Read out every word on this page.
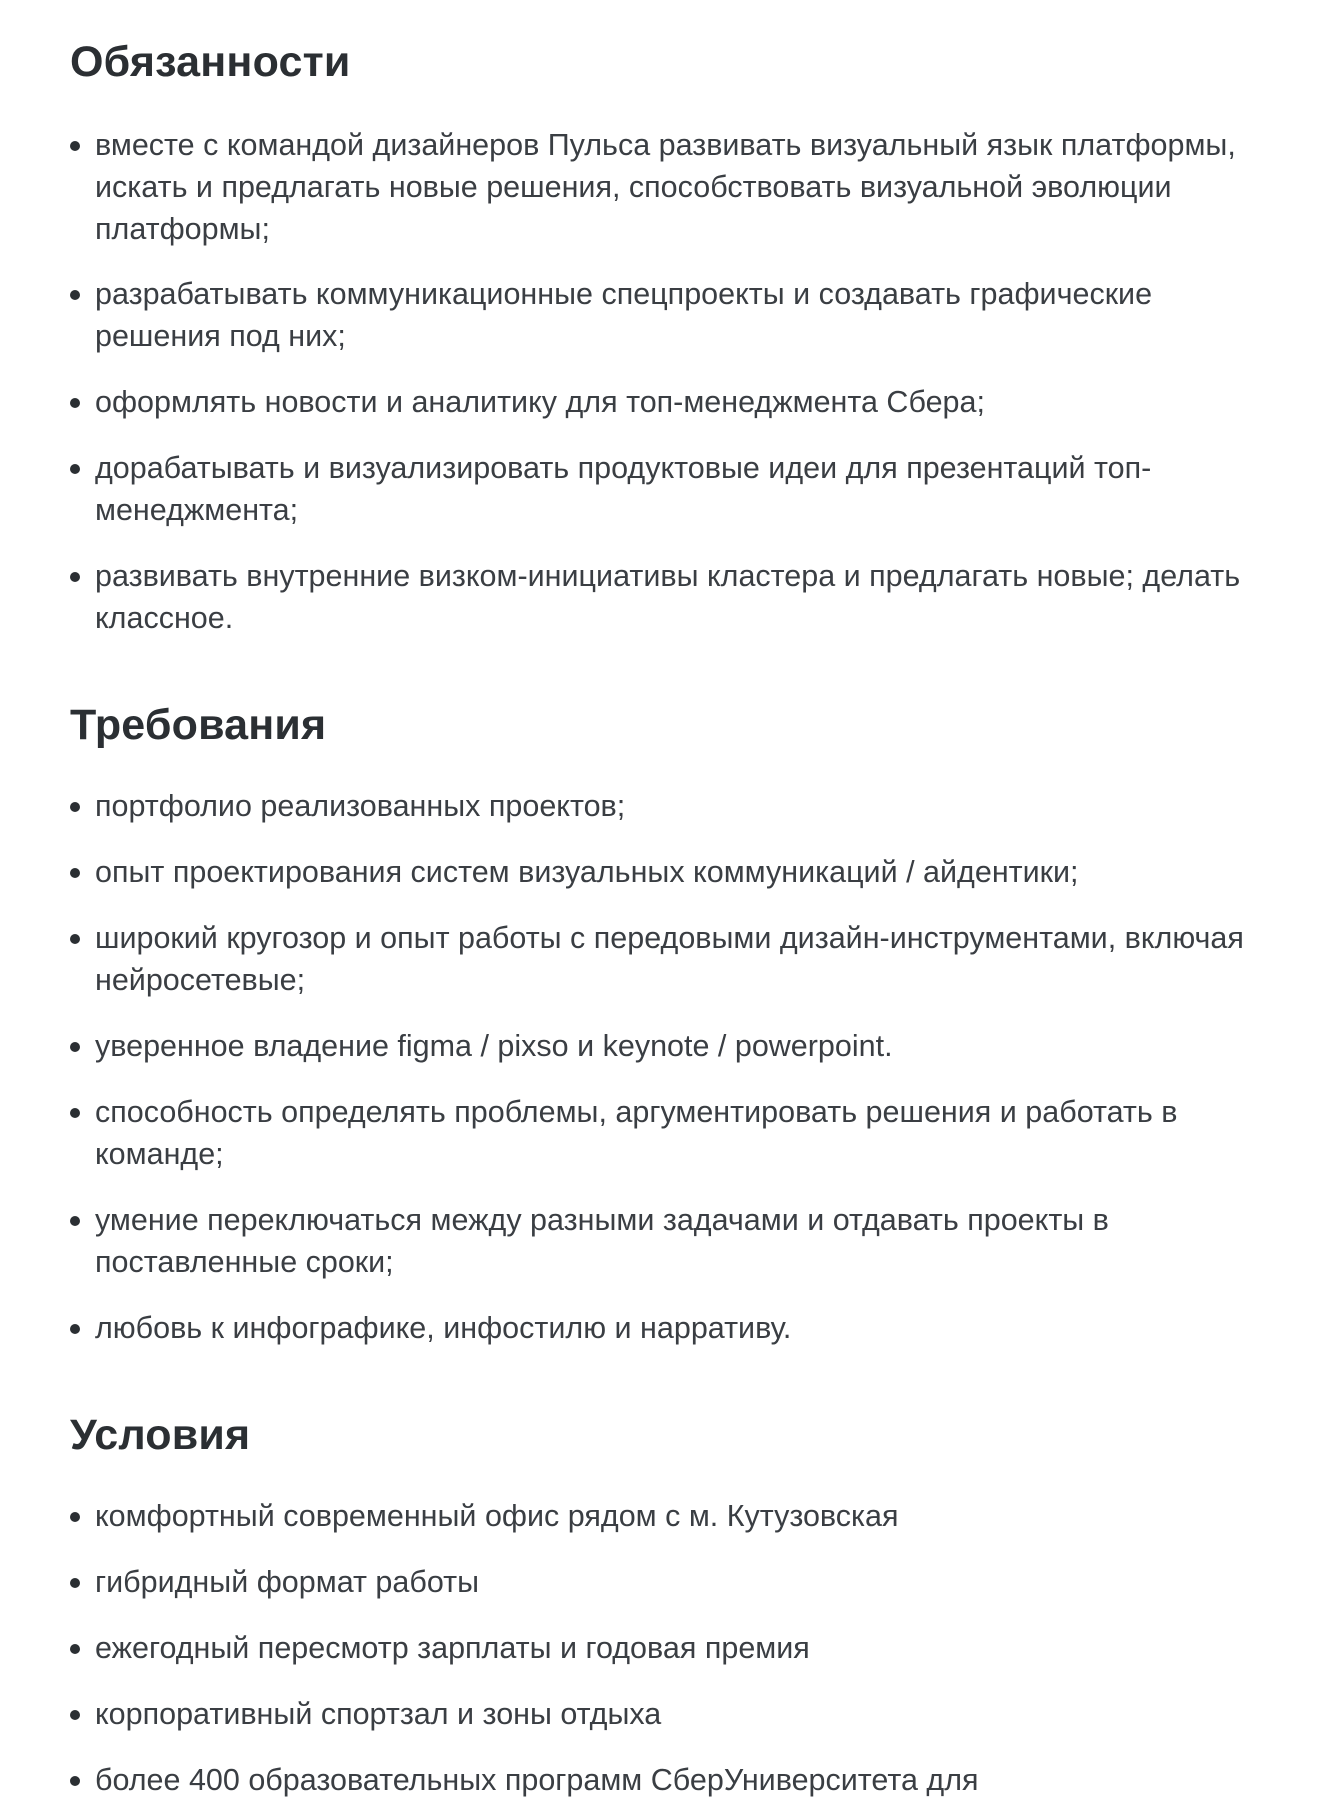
Обязанности
вместе с командой дизайнеров Пульса развивать визуальный язык платформы, искать и предлагать новые решения, способствовать визуальной эволюции платформы;
разрабатывать коммуникационные спецпроекты и создавать графические решения под них;
оформлять новости и аналитику для топ-менеджмента Сбера;
дорабатывать и визуализировать продуктовые идеи для презентаций топ-менеджмента;
развивать внутренние визком-инициативы кластера и предлагать новые; делать классное.
Требования
портфолио реализованных проектов;
опыт проектирования систем визуальных коммуникаций / айдентики;
широкий кругозор и опыт работы с передовыми дизайн-инструментами, включая нейросетевые;
уверенное владение figma / pixso и keynote / powerpoint.
способность определять проблемы, аргументировать решения и работать в команде;
умение переключаться между разными задачами и отдавать проекты в поставленные сроки;
любовь к инфографике, инфостилю и нарративу.
Условия
комфортный современный офис рядом с м. Кутузовская
гибридный формат работы
ежегодный пересмотр зарплаты и годовая премия
корпоративный спортзал и зоны отдыха
более 400 образовательных программ СберУниверситета для
